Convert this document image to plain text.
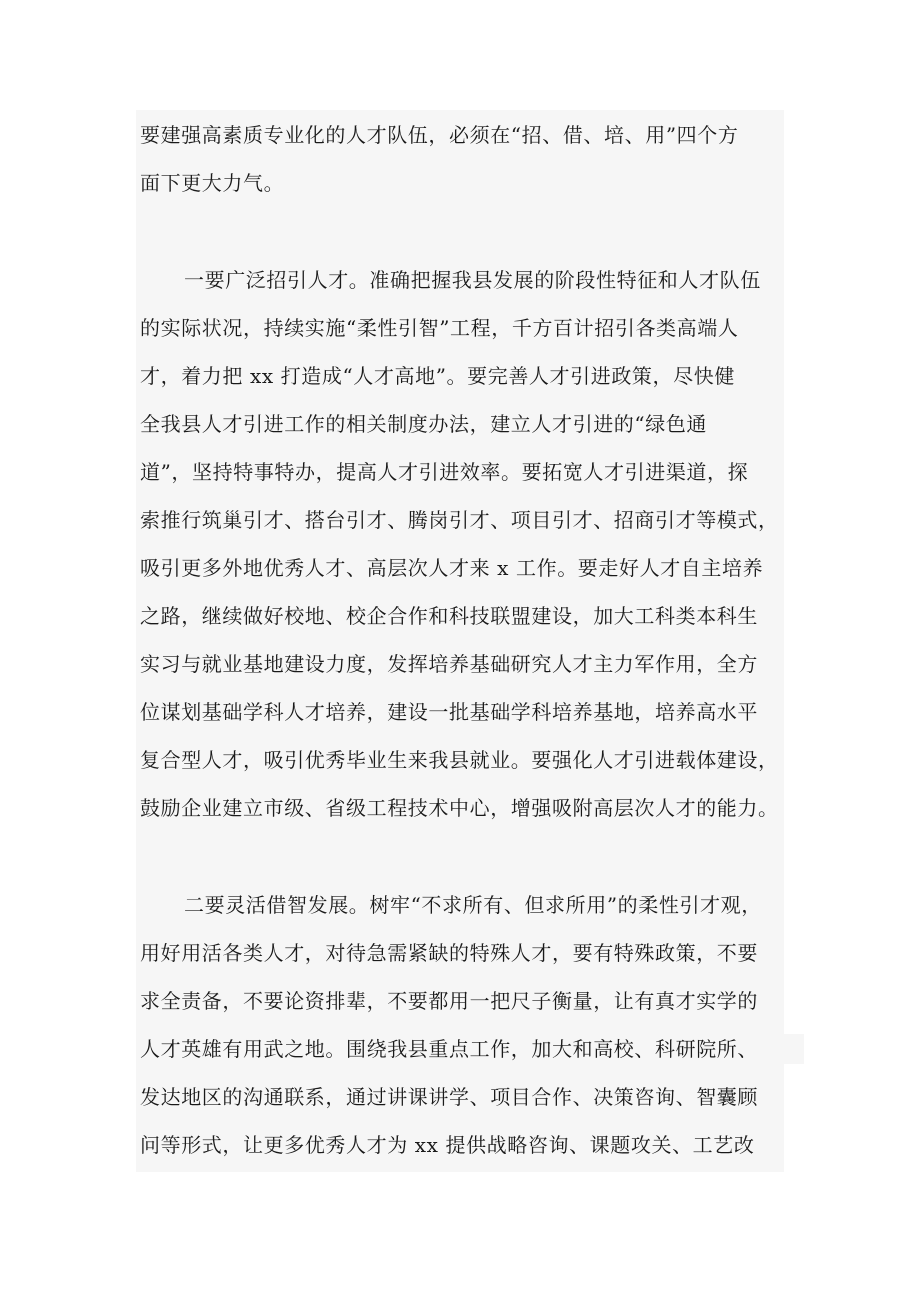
要建强高素质专业化的人才队伍，必须在“招、借、培、用”四个方
面下更大力气。
一要广泛招引人才。准确把握我县发展的阶段性特征和人才队伍
的实际状况，持续实施“柔性引智”工程，千方百计招引各类高端人
才，着力把 xx 打造成“人才高地”。要完善人才引进政策，尽快健
全我县人才引进工作的相关制度办法，建立人才引进的“绿色通
道”，坚持特事特办，提高人才引进效率。要拓宽人才引进渠道，探
索推行筑巢引才、搭台引才、腾岗引才、项目引才、招商引才等模式，
吸引更多外地优秀人才、高层次人才来 x 工作。要走好人才自主培养
之路，继续做好校地、校企合作和科技联盟建设，加大工科类本科生
实习与就业基地建设力度，发挥培养基础研究人才主力军作用，全方
位谋划基础学科人才培养，建设一批基础学科培养基地，培养高水平
复合型人才，吸引优秀毕业生来我县就业。要强化人才引进载体建设，
鼓励企业建立市级、省级工程技术中心，增强吸附高层次人才的能力。
二要灵活借智发展。树牢“不求所有、但求所用”的柔性引才观，
用好用活各类人才，对待急需紧缺的特殊人才，要有特殊政策，不要
求全责备，不要论资排辈，不要都用一把尺子衡量，让有真才实学的
人才英雄有用武之地。围绕我县重点工作，加大和高校、科研院所、
发达地区的沟通联系，通过讲课讲学、项目合作、决策咨询、智囊顾
问等形式，让更多优秀人才为 xx 提供战略咨询、课题攻关、工艺改
